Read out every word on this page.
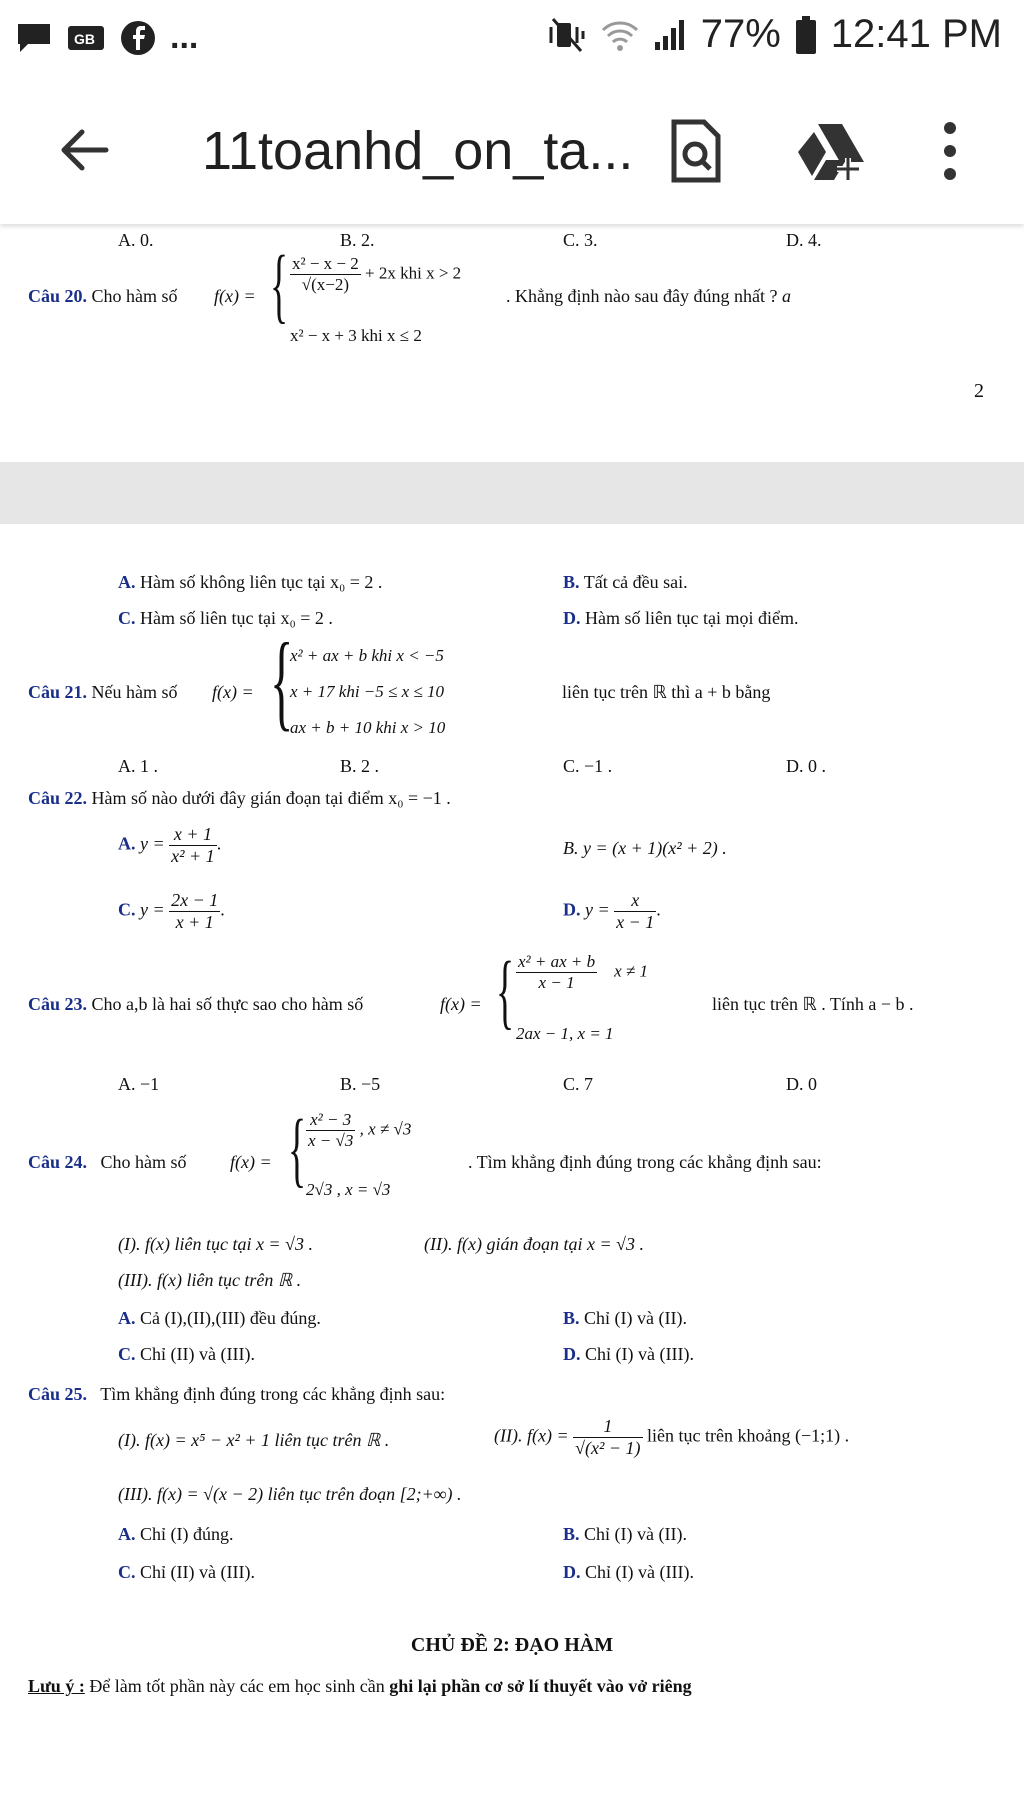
GB ...	77% 12:41 PM
11toanhd_on_ta...
A. 0.	B. 2.	C. 3.	D. 4.
Câu 20. Cho hàm số f(x) = { $\frac{\text{x² − x − 2}}{√(x-2)} + 2x$ khi x > 2
x² − x + 3 khi x ≤ 2
. Khẳng định nào sau đây đúng nhất ? a
2
A. Hàm số không liên tục tại x₀ = 2 .	B. Tất cả đều sai.
C. Hàm số liên tục tại x₀ = 2 .	D. Hàm số liên tục tại mọi điểm.
Câu 21. Nếu hàm số f(x) = {
x² + ax + b khi x < −5
x + 17 khi −5 ≤ x ≤ 10
ax + b + 10 khi x > 10
liên tục trên ℝ thì a + b bằng
A. 1 .	B. 2 .	C. −1 .	D. 0 .
Câu 22. Hàm số nào dưới đây gián đoạn tại điểm x₀ = −1 .
A. $y = \frac{x + 1}{\text{x² + 1}}$ .	B. y = (x + 1)(x² + 2) .
C. $y = \frac{2x - 1}{x + 1}$ .	D. $y = \frac{x}{x - 1}$ .
Câu 23. Cho a,b là hai số thực sao cho hàm số	f(x) = { $\frac{\text{x² + ax + b}}{x - 1}$ x ≠ 1
2ax − 1, x = 1
liên tục trên ℝ . Tính a − b .
A. −1	B. −5	C. 7	D. 0
Câu 24. Cho hàm số f(x) = { $\frac{\text{x² − 3}}{x - √3}$ , x ≠ √3
2√3 , x = √3
. Tìm khẳng định đúng trong các khẳng định sau:
(I). f(x) liên tục tại x = √3 .	(II). f(x) gián đoạn tại x = √3 .
(III). f(x) liên tục trên ℝ .
A. Cả (I),(II),(III) đều đúng.	B. Chỉ (I) và (II).
C. Chỉ (II) và (III).	D. Chỉ (I) và (III).
Câu 25. Tìm khẳng định đúng trong các khẳng định sau:
(I). f(x) = x⁵ − x² + 1 liên tục trên ℝ .	(II). $f(x) = \frac{1}{\text{√(x² − 1)}}$ liên tục trên khoảng (−1;1) .
(III). f(x) = √(x − 2) liên tục trên đoạn [2;+∞) .
A. Chỉ (I) đúng.	B. Chỉ (I) và (II).
C. Chỉ (II) và (III).	D. Chỉ (I) và (III).
CHỦ ĐỀ 2: ĐẠO HÀM
Lưu ý : Để làm tốt phần này các em học sinh cần ghi lại phần cơ sở lí thuyết vào vở riêng
